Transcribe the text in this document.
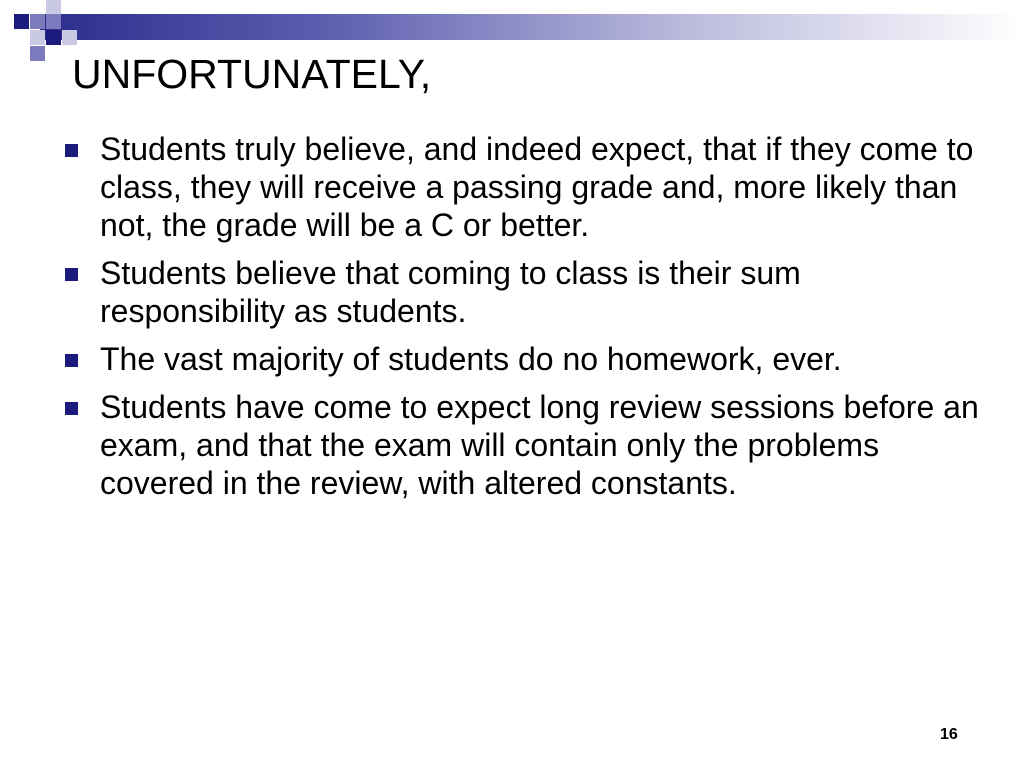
UNFORTUNATELY,
Students truly believe, and indeed expect, that if they come to class, they will receive a passing grade and, more likely than not, the grade will be a C or better.
Students believe that coming to class is their sum responsibility as students.
The vast majority of students do no homework, ever.
Students have come to expect long review sessions before an exam, and that the exam will contain only the problems covered in the review, with altered constants.
16
